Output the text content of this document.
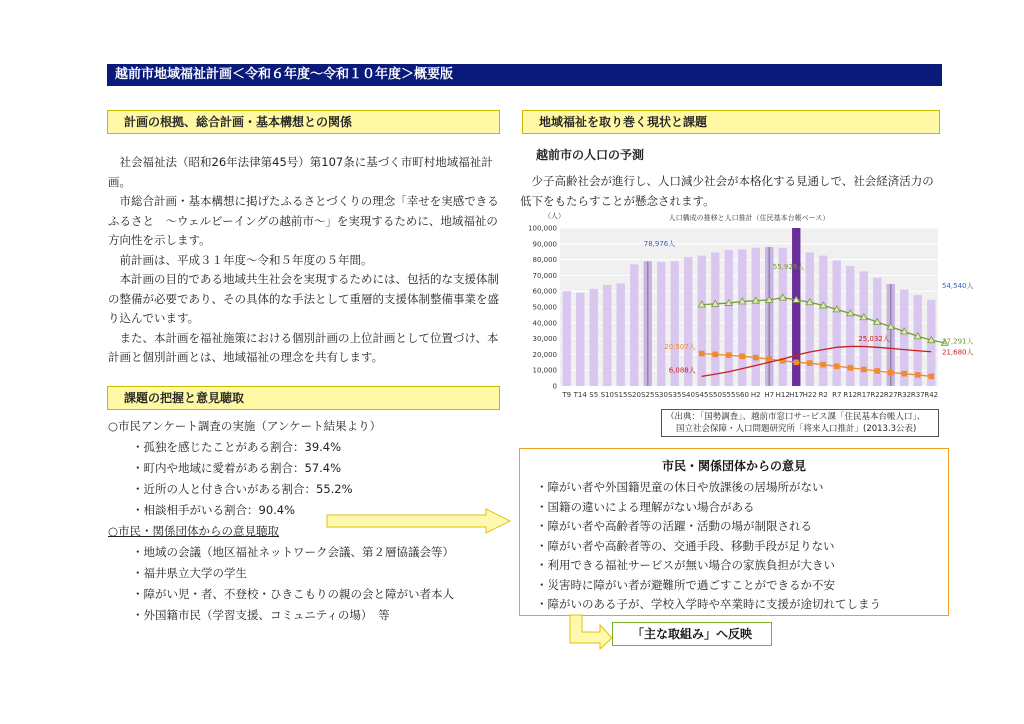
越前市地域福祉計画＜令和６年度～令和１０年度＞概要版
計画の根拠、総合計画・基本構想との関係

　社会福祉法（昭和26年法律第45号）第107条に基づく市町村地域福祉計画。

　市総合計画・基本構想に掲げたふるさとづくりの理念「幸せを実感できる　ふるさと　～ウェルビーイングの越前市～」を実現するために、地域福祉の方向性を示します。

　前計画は、平成３１年度～令和５年度の５年間。

　本計画の目的である地域共生社会を実現するためには、包括的な支援体制の整備が必要であり、その具体的な手法として重層的支援体制整備事業を盛り込んでいます。

　また、本計画を福祉施策における個別計画の上位計画として位置づけ、本計画と個別計画とは、地域福祉の理念を共有します。

課題の把握と意見聴取
○市民アンケート調査の実施（アンケート結果より）
・孤独を感じたことがある割合：39.4%
・町内や地域に愛着がある割合：57.4%
・近所の人と付き合いがある割合：55.2%
・相談相手がいる割合：90.4%
○市民・関係団体からの意見聴取
・地域の会議（地区福祉ネットワーク会議、第２層協議会等）
・福井県立大学の学生
・障がい児・者、不登校・ひきこもりの親の会と障がい者本人
・外国籍市民（学習支援、コミュニティの場）　等
地域福祉を取り巻く現状と課題
越前市の人口の予測
　少子高齢社会が進行し、人口減少社会が本格化する見通しで、社会経済活力の低下をもたらすことが懸念されます。
100,000
90,000
80,000
70,000
60,000
50,000
40,000
30,000
20,000
10,000
0
（人）	人口構成の推移と人口推計（住民基本台帳ベース）
T9 T14 S5 S10 S15 S20 S25 S30 S35 S40 S45 S50 S55 S60 H2 H7 H12 H17 H22 R2 R7 R12 R17 R22 R27 R32 R37 R42
78,976人
55,929人
54,540人
20,507人
6,088人
25,032人	27,291人
21,680人
（出典：「国勢調査」、越前市窓口サービス課「住民基本台帳人口」、
国立社会保障・人口問題研究所「将来人口推計」(2013.3公表)
市民・関係団体からの意見
・障がい者や外国籍児童の休日や放課後の居場所がない
・国籍の違いによる理解がない場合がある
・障がい者や高齢者等の活躍・活動の場が制限される
・障がい者や高齢者等の、交通手段、移動手段が足りない
・利用できる福祉サービスが無い場合の家族負担が大きい
・災害時に障がい者が避難所で過ごすことができるか不安
・障がいのある子が、学校入学時や卒業時に支援が途切れてしまう
「主な取組み」へ反映
